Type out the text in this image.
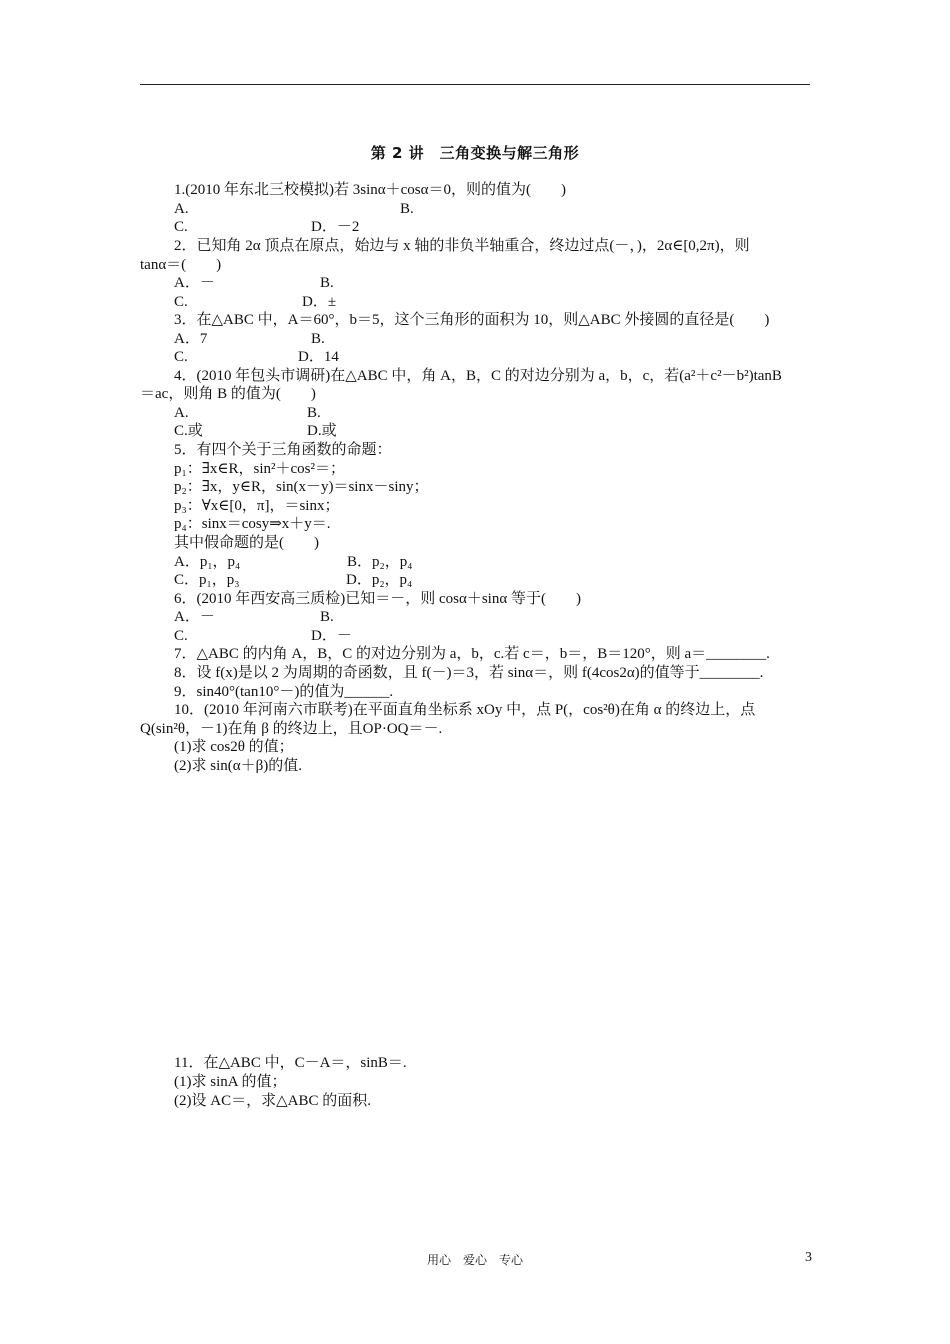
第 2 讲　三角变换与解三角形
1.(2010 年东北三校模拟)若 3sinα＋cosα＝0，则的值为(　　)
A.	B.
C.	D．－2
2．已知角 2α 顶点在原点，始边与 x 轴的非负半轴重合，终边过点(－，)，2α∈[0,2π)，则
tanα＝(　　)
A．－	B.
C.	D．±
3．在△ABC 中，A＝60°，b＝5，这个三角形的面积为 10，则△ABC 外接圆的直径是(　　)
A．7	B.
C.	D．14
4．(2010 年包头市调研)在△ABC 中，角 A，B，C 的对边分别为 a，b，c，若(a²＋c²－b²)tanB
＝ac，则角 B 的值为(　　)
A.	B.
C.或	D.或
5．有四个关于三角函数的命题：
p₁：∃x∈R，sin²＋cos²＝；
p₂：∃x，y∈R，sin(x－y)＝sinx－siny；
p₃：∀x∈[0，π]，＝sinx；
p₄：sinx＝cosy⇒x＋y＝.
其中假命题的是(　　)
A．p₁，p₄	B．p₂，p₄
C．p₁，p₃	D．p₂，p₄
6．(2010 年西安高三质检)已知＝－，则 cosα＋sinα 等于(　　)
A．－	B.
C.	D．－
7．△ABC 的内角 A，B，C 的对边分别为 a，b，c.若 c＝，b＝，B＝120°，则 a＝________.
8．设 f(x)是以 2 为周期的奇函数，且 f(－)＝3，若 sinα＝，则 f(4cos2α)的值等于________.
9．sin40°(tan10°－)的值为______.
10．(2010 年河南六市联考)在平面直角坐标系 xOy 中，点 P(，cos²θ)在角 α 的终边上，点
Q(sin²θ，－1)在角 β 的终边上，且OP·OQ＝－.
(1)求 cos2θ 的值；
(2)求 sin(α＋β)的值.
11．在△ABC 中，C－A＝，sinB＝.
(1)求 sinA 的值；
(2)设 AC＝，求△ABC 的面积.
用心　爱心　专心	3
